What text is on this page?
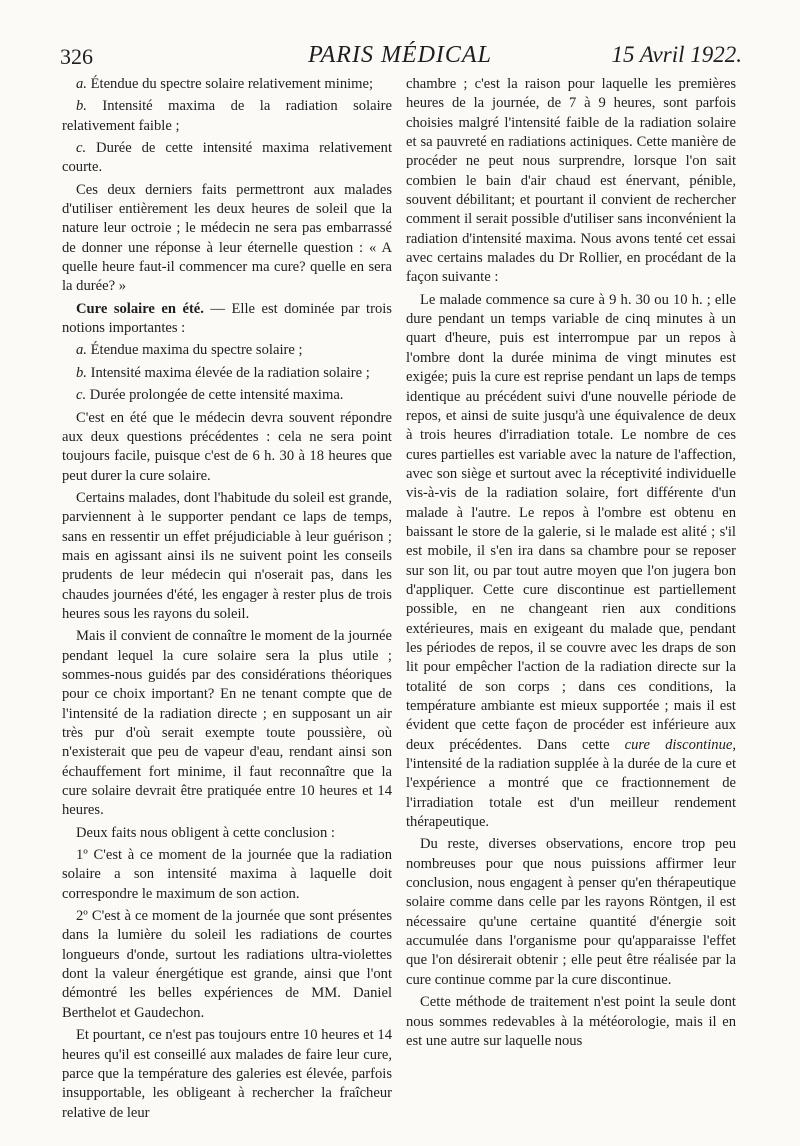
326	PARIS MÉDICAL	15 Avril 1922.

a. Étendue du spectre solaire relativement minime;

b. Intensité maxima de la radiation solaire relativement faible ;

c. Durée de cette intensité maxima relativement courte.

Ces deux derniers faits permettront aux malades d'utiliser entièrement les deux heures de soleil que la nature leur octroie ; le médecin ne sera pas embarrassé de donner une réponse à leur éternelle question : « A quelle heure faut-il commencer ma cure? quelle en sera la durée? »

Cure solaire en été. — Elle est dominée par trois notions importantes :

a. Étendue maxima du spectre solaire ;

b. Intensité maxima élevée de la radiation solaire ;

c. Durée prolongée de cette intensité maxima.

C'est en été que le médecin devra souvent répondre aux deux questions précédentes : cela ne sera point toujours facile, puisque c'est de 6 h. 30 à 18 heures que peut durer la cure solaire.

Certains malades, dont l'habitude du soleil est grande, parviennent à le supporter pendant ce laps de temps, sans en ressentir un effet préjudiciable à leur guérison ; mais en agissant ainsi ils ne suivent point les conseils prudents de leur médecin qui n'oserait pas, dans les chaudes journées d'été, les engager à rester plus de trois heures sous les rayons du soleil.

Mais il convient de connaître le moment de la journée pendant lequel la cure solaire sera la plus utile ; sommes-nous guidés par des considérations théoriques pour ce choix important? En ne tenant compte que de l'intensité de la radiation directe ; en supposant un air très pur d'où serait exempte toute poussière, où n'existerait que peu de vapeur d'eau, rendant ainsi son échauffement fort minime, il faut reconnaître que la cure solaire devrait être pratiquée entre 10 heures et 14 heures.

Deux faits nous obligent à cette conclusion :

1º C'est à ce moment de la journée que la radiation solaire a son intensité maxima à laquelle doit correspondre le maximum de son action.

2º C'est à ce moment de la journée que sont présentes dans la lumière du soleil les radiations de courtes longueurs d'onde, surtout les radiations ultra-violettes dont la valeur énergétique est grande, ainsi que l'ont démontré les belles expériences de MM. Daniel Berthelot et Gaudechon.

Et pourtant, ce n'est pas toujours entre 10 heures et 14 heures qu'il est conseillé aux malades de faire leur cure, parce que la température des galeries est élevée, parfois insupportable, les obligeant à rechercher la fraîcheur relative de leur

chambre ; c'est la raison pour laquelle les premières heures de la journée, de 7 à 9 heures, sont parfois choisies malgré l'intensité faible de la radiation solaire et sa pauvreté en radiations actiniques. Cette manière de procéder ne peut nous surprendre, lorsque l'on sait combien le bain d'air chaud est énervant, pénible, souvent débilitant; et pourtant il convient de rechercher comment il serait possible d'utiliser sans inconvénient la radiation d'intensité maxima. Nous avons tenté cet essai avec certains malades du Dr Rollier, en procédant de la façon suivante :

Le malade commence sa cure à 9 h. 30 ou 10 h. ; elle dure pendant un temps variable de cinq minutes à un quart d'heure, puis est interrompue par un repos à l'ombre dont la durée minima de vingt minutes est exigée; puis la cure est reprise pendant un laps de temps identique au précédent suivi d'une nouvelle période de repos, et ainsi de suite jusqu'à une équivalence de deux à trois heures d'irradiation totale. Le nombre de ces cures partielles est variable avec la nature de l'affection, avec son siège et surtout avec la réceptivité individuelle vis-à-vis de la radiation solaire, fort différente d'un malade à l'autre. Le repos à l'ombre est obtenu en baissant le store de la galerie, si le malade est alité ; s'il est mobile, il s'en ira dans sa chambre pour se reposer sur son lit, ou par tout autre moyen que l'on jugera bon d'appliquer. Cette cure discontinue est partiellement possible, en ne changeant rien aux conditions extérieures, mais en exigeant du malade que, pendant les périodes de repos, il se couvre avec les draps de son lit pour empêcher l'action de la radiation directe sur la totalité de son corps ; dans ces conditions, la température ambiante est mieux supportée ; mais il est évident que cette façon de procéder est inférieure aux deux précédentes. Dans cette cure discontinue, l'intensité de la radiation supplée à la durée de la cure et l'expérience a montré que ce fractionnement de l'irradiation totale est d'un meilleur rendement thérapeutique.

Du reste, diverses observations, encore trop peu nombreuses pour que nous puissions affirmer leur conclusion, nous engagent à penser qu'en thérapeutique solaire comme dans celle par les rayons Röntgen, il est nécessaire qu'une certaine quantité d'énergie soit accumulée dans l'organisme pour qu'apparaisse l'effet que l'on désirerait obtenir ; elle peut être réalisée par la cure continue comme par la cure discontinue.

Cette méthode de traitement n'est point la seule dont nous sommes redevables à la météorologie, mais il en est une autre sur laquelle nous
